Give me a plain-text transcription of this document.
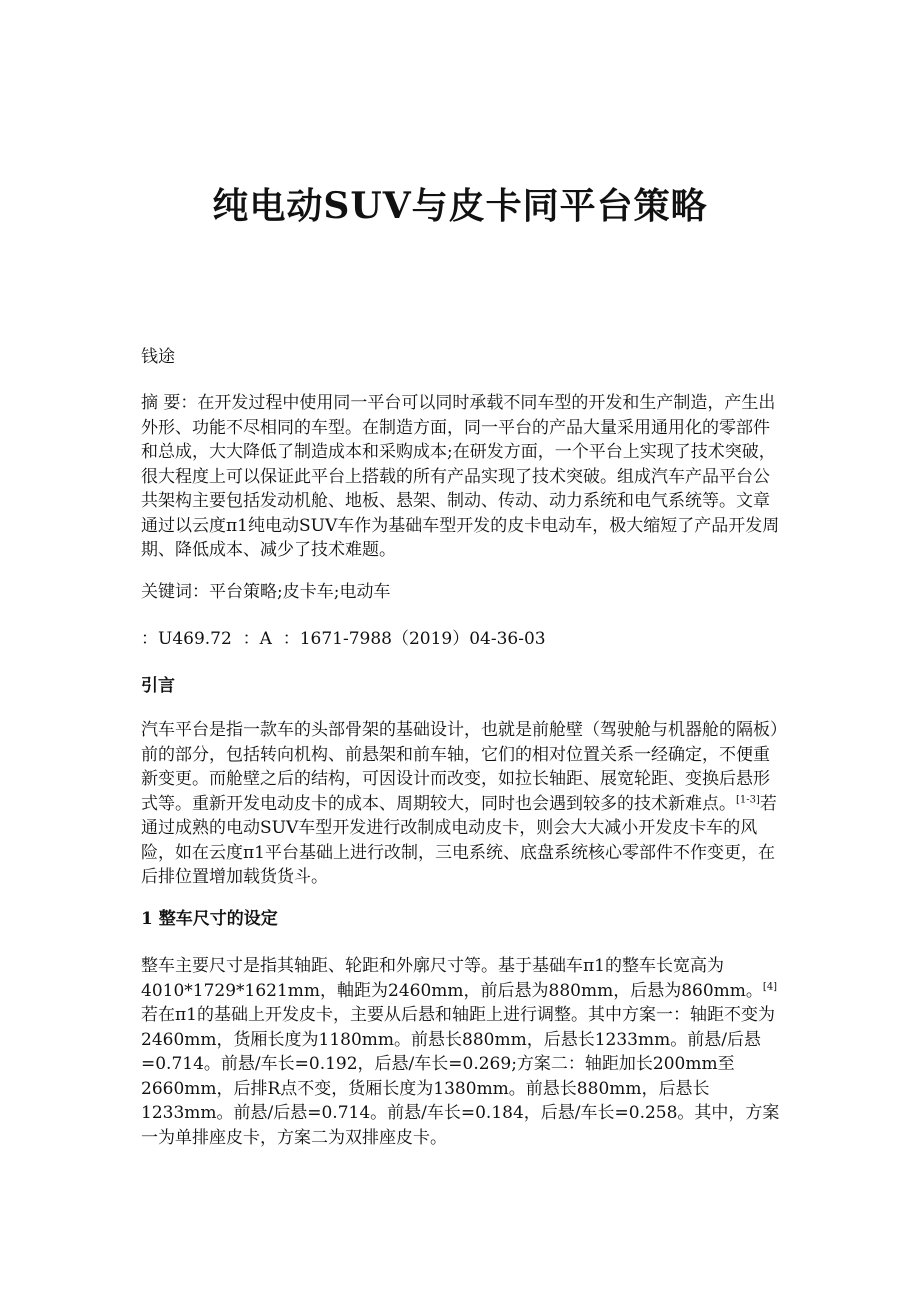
纯电动SUV与皮卡同平台策略

钱途

摘 要：在开发过程中使用同一平台可以同时承载不同车型的开发和生产制造，产生出外形、功能不尽相同的车型。在制造方面，同一平台的产品大量采用通用化的零部件和总成，大大降低了制造成本和采购成本;在研发方面，一个平台上实现了技术突破，很大程度上可以保证此平台上搭载的所有产品实现了技术突破。组成汽车产品平台公共架构主要包括发动机舱、地板、悬架、制动、传动、动力系统和电气系统等。文章通过以云度π1纯电动SUV车作为基础车型开发的皮卡电动车，极大缩短了产品开发周期、降低成本、减少了技术难题。

关键词：平台策略;皮卡车;电动车

：U469.72  ：A  ：1671-7988（2019）04-36-03

引言

汽车平台是指一款车的头部骨架的基础设计，也就是前舱壁（驾驶舱与机器舱的隔板）前的部分，包括转向机构、前悬架和前车轴，它们的相对位置关系一经确定，不便重新变更。而舱壁之后的结构，可因设计而改变，如拉长轴距、展宽轮距、变换后悬形式等。重新开发电动皮卡的成本、周期较大，同时也会遇到较多的技术新难点。[1-3]若通过成熟的电动SUV车型开发进行改制成电动皮卡，则会大大减小开发皮卡车的风险，如在云度π1平台基础上进行改制，三电系统、底盘系统核心零部件不作变更，在后排位置增加载货货斗。

1 整车尺寸的设定

整车主要尺寸是指其轴距、轮距和外廓尺寸等。基于基础车π1的整车长宽高为4010*1729*1621mm，軸距为2460mm，前后悬为880mm，后悬为860mm。[4]若在π1的基础上开发皮卡，主要从后悬和轴距上进行调整。其中方案一：轴距不变为2460mm，货厢长度为1180mm。前悬长880mm，后悬长1233mm。前悬/后悬=0.714。前悬/车长=0.192，后悬/车长=0.269;方案二：轴距加长200mm至2660mm，后排R点不变，货厢长度为1380mm。前悬长880mm，后悬长1233mm。前悬/后悬=0.714。前悬/车长=0.184，后悬/车长=0.258。其中，方案一为单排座皮卡，方案二为双排座皮卡。
